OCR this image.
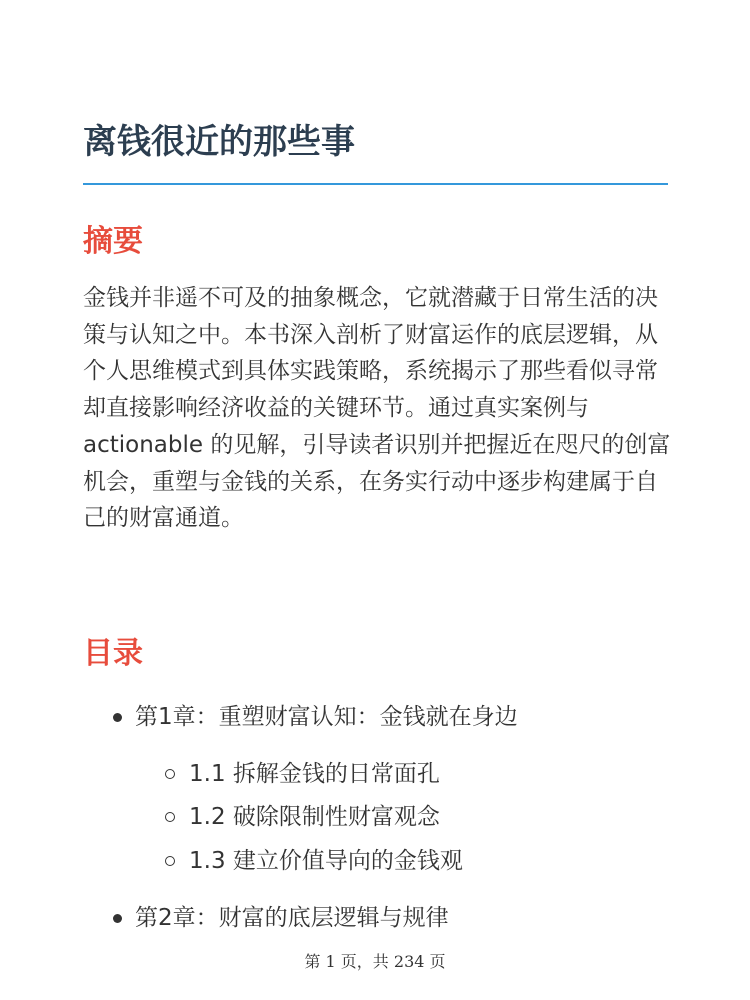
离钱很近的那些事
摘要

金钱并非遥不可及的抽象概念，它就潜藏于日常生活的决策与认知之中。本书深入剖析了财富运作的底层逻辑，从个人思维模式到具体实践策略，系统揭示了那些看似寻常却直接影响经济收益的关键环节。通过真实案例与 actionable 的见解，引导读者识别并把握近在咫尺的创富机会，重塑与金钱的关系，在务实行动中逐步构建属于自己的财富通道。

目录
第1章：重塑财富认知：金钱就在身边
1.1 拆解金钱的日常面孔
1.2 破除限制性财富观念
1.3 建立价值导向的金钱观
第2章：财富的底层逻辑与规律
第 1 页，共 234 页
